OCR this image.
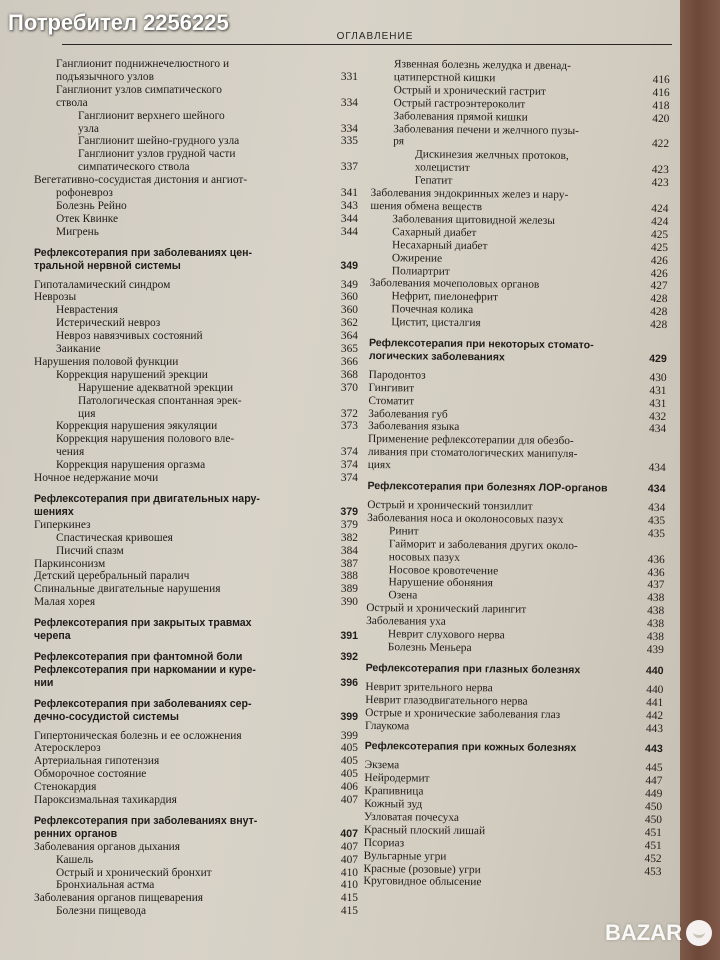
Потребител 2256225
ОГЛАВЛЕНИЕ
Ганглионит поднижнечелюстного и
подъязычного узлов	331
Ганглионит узлов симпатического
ствола	334
Ганглионит верхнего шейного
узла	334
Ганглионит шейно-грудного узла	335
Ганглионит узлов грудной части
симпатического ствола	337
Вегетативно-сосудистая дистония и ангиот-
рофоневроз	341
Болезнь Рейно	343
Отек Квинке	344
Мигрень	344
Рефлексотерапия при заболеваниях цен-
тральной нервной системы	349
Гипоталамический синдром	349
Неврозы	360
Неврастения	360
Истерический невроз	362
Невроз навязчивых состояний	364
Заикание	365
Нарушения половой функции	366
Коррекция нарушений эрекции	368
Нарушение адекватной эрекции	370
Патологическая спонтанная эрек-
ция	372
Коррекция нарушения эякуляции	373
Коррекция нарушения полового вле-
чения	374
Коррекция нарушения оргазма	374
Ночное недержание мочи	374
Рефлексотерапия при двигательных нару-
шениях	379
Гиперкинез	379
Спастическая кривошея	382
Писчий спазм	384
Паркинсонизм	387
Детский церебральный паралич	388
Спинальные двигательные нарушения	389
Малая хорея	390
Рефлексотерапия при закрытых травмах
черепа	391
Рефлексотерапия при фантомной боли	392
Рефлексотерапия при наркомании и куре-
нии	396
Рефлексотерапия при заболеваниях сер-
дечно-сосудистой системы	399
Гипертоническая болезнь и ее осложнения	399
Атеросклероз	405
Артериальная гипотензия	405
Обморочное состояние	405
Стенокардия	406
Пароксизмальная тахикардия	407
Рефлексотерапия при заболеваниях внут-
ренних органов	407
Заболевания органов дыхания	407
Кашель	407
Острый и хронический бронхит	410
Бронхиальная астма	410
Заболевания органов пищеварения	415
Болезни пищевода	415
Язвенная болезнь желудка и двенад-
цатиперстной кишки	416
Острый и хронический гастрит	416
Острый гастроэнтероколит	418
Заболевания прямой кишки	420
Заболевания печени и желчного пузы-
ря	422
Дискинезия желчных протоков,
холецистит	423
Гепатит	423
Заболевания эндокринных желез и нару-
шения обмена веществ	424
Заболевания щитовидной железы	424
Сахарный диабет	425
Несахарный диабет	425
Ожирение	426
Полиартрит	426
Заболевания мочеполовых органов	427
Нефрит, пиелонефрит	428
Почечная колика	428
Цистит, цисталгия	428
Рефлексотерапия при некоторых стомато-
логических заболеваниях	429
Пародонтоз	430
Гингивит	431
Стоматит	431
Заболевания губ	432
Заболевания языка	434
Применение рефлексотерапии для обезбо-
ливания при стоматологических манипуля-
циях	434
Рефлексотерапия при болезнях ЛОР-органов	434
Острый и хронический тонзиллит	434
Заболевания носа и околоносовых пазух	435
Ринит	435
Гайморит и заболевания других около-
носовых пазух	436
Носовое кровотечение	436
Нарушение обоняния	437
Озена	438
Острый и хронический ларингит	438
Заболевания уха	438
Неврит слухового нерва	438
Болезнь Меньера	439
Рефлексотерапия при глазных болезнях	440
Неврит зрительного нерва	440
Неврит глазодвигательного нерва	441
Острые и хронические заболевания глаз	442
Глаукома	443
Рефлексотерапия при кожных болезнях	443
Экзема	445
Нейродермит	447
Крапивница	449
Кожный зуд	450
Узловатая почесуха	450
Красный плоский лишай	451
Псориаз	451
Вульгарные угри	452
Красные (розовые) угри	453
Круговидное облысение
BAZAR
